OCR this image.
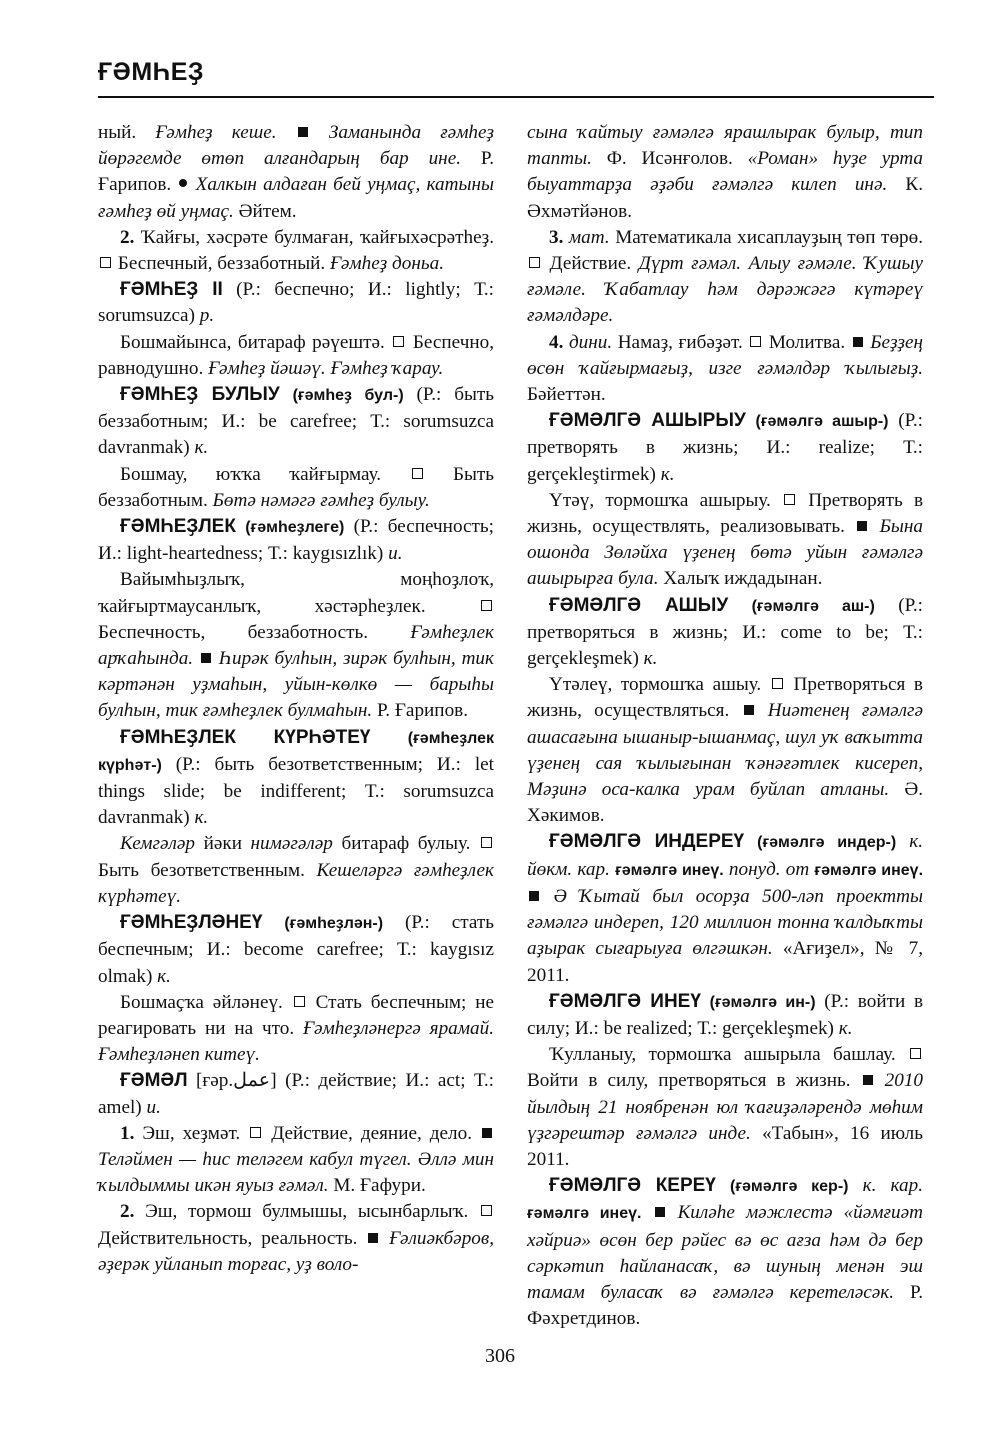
ҒӘМҺЕҘ

ный. Ғәмһеҙ кеше.	Заманында ғәмһеҙ йөрәгемде өтөп алғандарың бар ине. Р. Ғарипов. Халкын алдаған бей уңмаç, катыны ғәмһеҙ өй уңмаç. Әйтем.

2. Ҡайғы, хәсрәте булмаған, ҡайғыхәсрәтһеҙ.  Беспечный, беззаботный. Ғәмһеҙ доньа.

ҒӘМҺЕҘ II (Р.: беспечно; И.: lightly; Т.: sorumsuzca) р.

Бошмайынса, битараф рәүештә. Беспечно, равнодушно. Ғәмһеҙ йәшәү. Ғәмһеҙ ҡарау.

ҒӘМҺЕҘ БУЛЫУ (ғәмһеҙ бул-) (Р.: быть беззаботным; И.: be carefree; Т.: sorumsuzca davranmak) к.

Бошмау, юҡҡа ҡайғырмау.	Быть беззаботным. Бөтә нәмәгә ғәмһеҙ булыу.

ҒӘМҺЕҘЛЕК (ғәмһеҙлеге) (Р.: беспечность; И.: light-heartedness; Т.: kaygısızlık) и.

Вайымһыҙлыҡ, моңһоҙлоҡ, ҡайғыртмаусанлыҡ, хәстәрһеҙлек.  Беспечность, беззаботность. Ғәмһеҙлек арҡаһында. Һирәк булһын, зирәк булһын, тик кәртәнән уҙмаһын, уйын-көлкө — барыһы булһын, тик ғәмһеҙлек булмаһын. Р. Ғарипов.

ҒӘМҺЕҘЛЕК КҮРҺӘТЕҮ (ғәмһеҙлек күрһәт-) (Р.: быть безответственным; И.: let things slide; be indifferent; Т.: sorumsuzca davranmak) к.

Кемгәләр йәки нимәгәләр битараф булыу.  Быть безответственным. Кешеләргә ғәмһеҙлек күрһәтеү.

ҒӘМҺЕҘЛӘНЕҮ (ғәмһеҙлән-) (Р.: стать беспечным; И.: become carefree; Т.: kaygısız olmak) к.

Бошмаҫҡа әйләнеү. Стать беспечным; не реагировать ни на что. Ғәмһеҙләнергә ярамай. Ғәмһеҙләнеп китеү.

ҒӘМӘЛ [ғәр.عمل] (Р.: действие; И.: act; Т.: amel) и.

1. Эш, хеҙмәт. Действие, деяние, дело.  Теләймен — һис теләгем кабул түгел. Әллә мин ҡылдыммы икән яуыз ғәмәл. М. Ғафури.

2. Эш, тормош булмышы, ысынбарлыҡ.  Действительность, реальность. Ғәлиәкбәров, әҙерәк уйланып торғас, уҙ воло-

сына ҡайтыу ғәмәлгә ярашлырак булыр, тип тапты. Ф. Исәнғолов. «Роман» һуҙе урта быуаттарҙа әҙәби ғәмәлгә килеп инә. К. Әхмәтйәнов.

3. мат. Математикала хисаплауҙың төп төрө.  Действие. Дүрт ғәмәл. Алыу ғәмәле. Ҡушыу ғәмәле. Ҡабатлау һәм дәрәжәгә күтәреү ғәмәлдәре.

4. дини. Намаҙ, ғибәҙәт. Молитва. Беҙҙең өсөн ҡайғырмағыҙ, изге ғәмәлдәр ҡылығыҙ. Бәйеттән.

ҒӘМӘЛГӘ АШЫРЫУ (ғәмәлгә ашыр-) (Р.: претворять в жизнь; И.: realize; Т.: gerçekleştirmek) к.

Үтәү, тормошҡа ашырыу. Претворять в жизнь, осуществлять, реализовывать. Бына ошонда Зөләйха үҙенең бөтә уйын ғәмәлгә ашырырға була. Халыҡ иждадынан.

ҒӘМӘЛГӘ АШЫУ (ғәмәлгә аш-) (Р.: претворяться в жизнь; И.: come to be; Т.: gerçekleşmek) к.

Үтәлеү, тормошҡа ашыу. Претворяться в жизнь, осуществляться. Ниәтенең ғәмәлгә ашасағына ышаныр-ышанмаç, шул уҡ ваҡытта үҙенең сая ҡылығынан ҡәнәғәтлек кисереп, Мәҙинә оса-калка урам буйлап атланы. Ә. Хәкимов.

ҒӘМӘЛГӘ ИНДЕРЕҮ (ғәмәлгә индер-) к. йөкм. кар. ғәмәлгә инеү. понуд. от ғәмәлгә инеү.  Ә Ҡытай был осорҙа 500-ләп проектты ғәмәлгә индереп, 120 миллион тонна ҡалдыҡты аҙырак сығарыуға өлгәшкән. «Ағиҙел», № 7, 2011.

ҒӘМӘЛГӘ ИНЕҮ (ғәмәлгә ин-) (Р.: войти в силу; И.: be realized; Т.: gerçekleşmek) к.

Ҡулланыу, тормошҡа ашырыла башлау.  Войти в силу, претворяться в жизнь. 2010 йылдың 21 ноябренән юл ҡағиҙәләрендә мөһим үҙгәрештәр ғәмәлгә инде. «Табын», 16 июль 2011.

ҒӘМӘЛГӘ КЕРЕҮ (ғәмәлгә кер-) к. кар. ғәмәлгә инеү. Киләһе мәжлестә «йәмғиәт хәйриә» өсөн бер рәйес вә өс ағза һәм дә бер сәркәтип һайланасаҡ, вә шуның менән эш тамам буласаҡ вә ғәмәлгә керетеләсәк. Р. Фәхретдинов.

306
